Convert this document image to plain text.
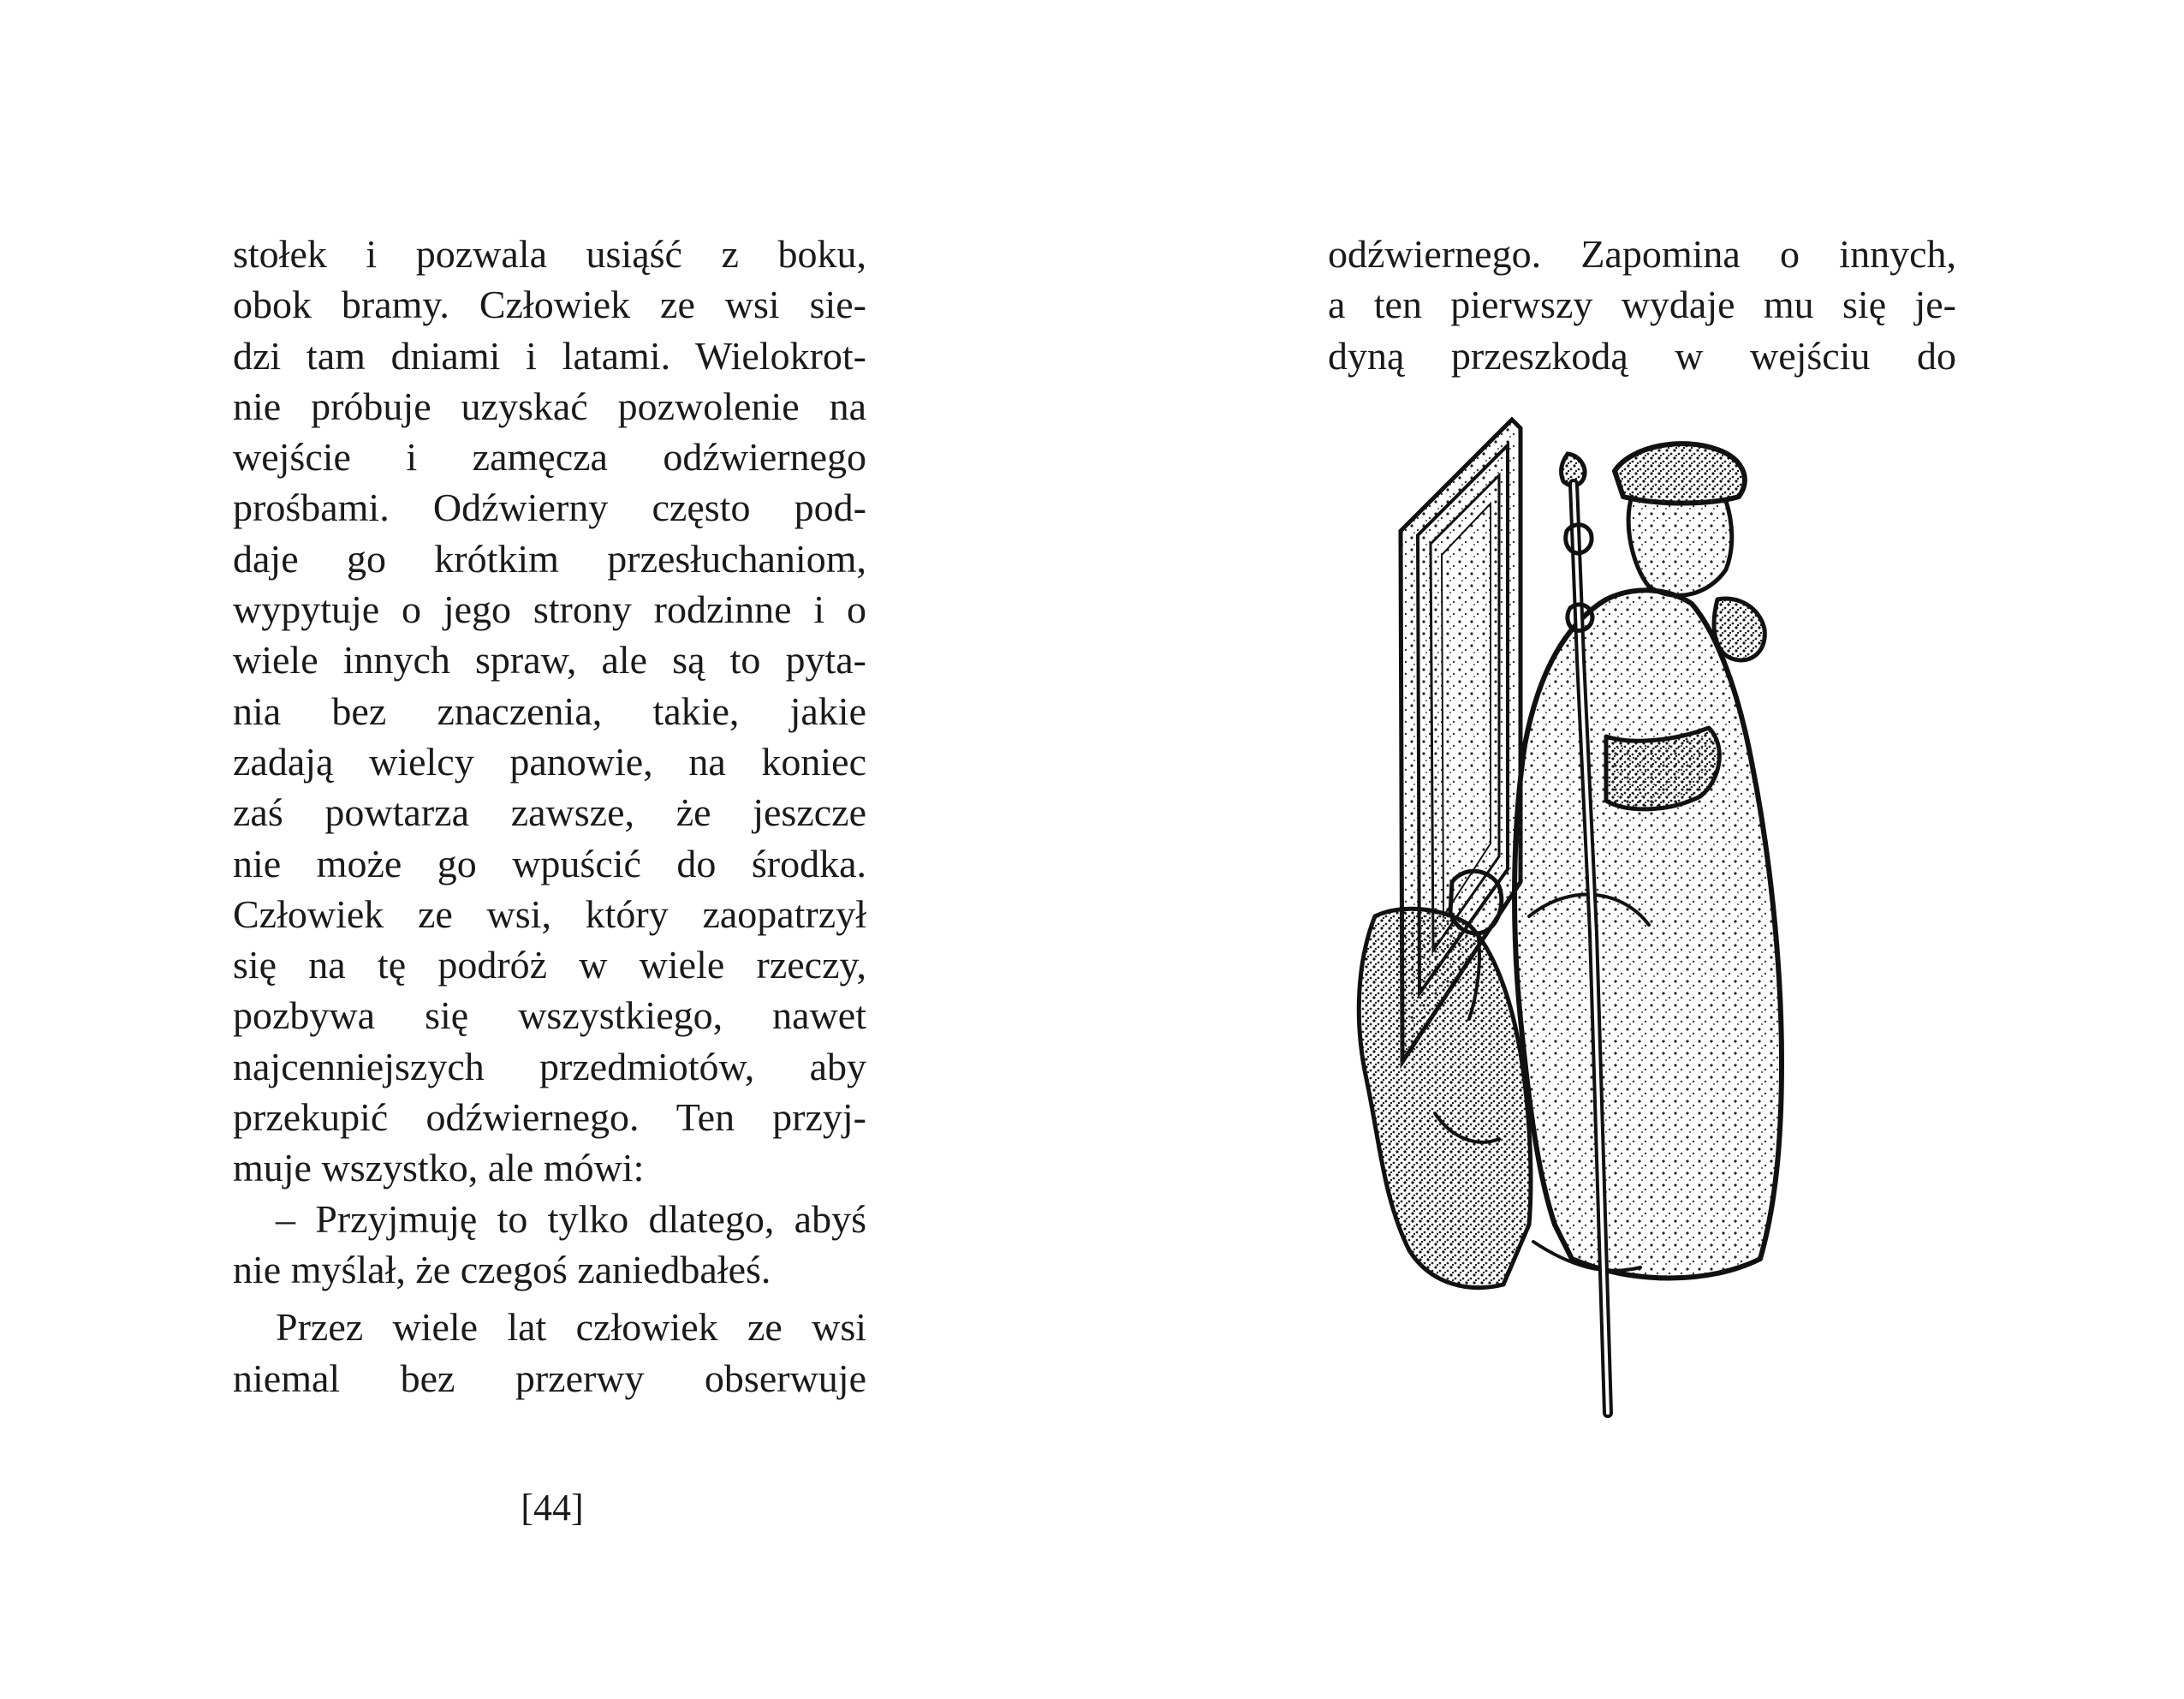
stołek i pozwala usiąść z boku,
obok bramy. Człowiek ze wsi sie-
dzi tam dniami i latami. Wielokrot-
nie próbuje uzyskać pozwolenie na
wejście i zamęcza odźwiernego
prośbami. Odźwierny często pod-
daje go krótkim przesłuchaniom,
wypytuje o jego strony rodzinne i o
wiele innych spraw, ale są to pyta-
nia bez znaczenia, takie, jakie
zadają wielcy panowie, na koniec
zaś powtarza zawsze, że jeszcze
nie może go wpuścić do środka.
Człowiek ze wsi, który zaopatrzył
się na tę podróż w wiele rzeczy,
pozbywa się wszystkiego, nawet
najcenniejszych przedmiotów, aby
przekupić odźwiernego. Ten przyj-
muje wszystko, ale mówi:
– Przyjmuję to tylko dlatego, abyś
nie myślał, że czegoś zaniedbałeś.
Przez wiele lat człowiek ze wsi
niemal bez przerwy obserwuje
[44]
odźwiernego. Zapomina o innych,
a ten pierwszy wydaje mu się je-
dyną przeszkodą w wejściu do
